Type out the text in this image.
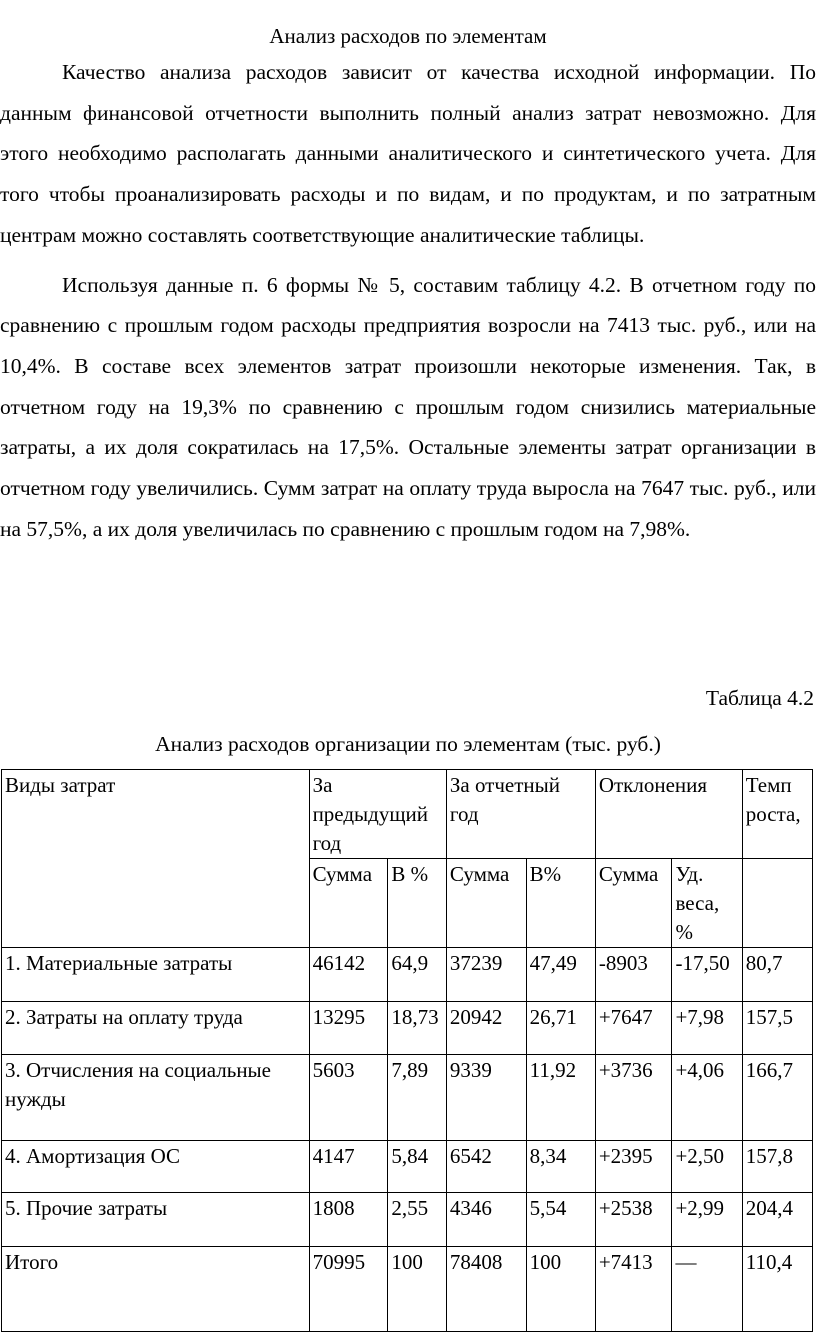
Анализ расходов по элементам

Качество анализа расходов зависит от качества исходной информации. По данным финансовой отчетности выполнить полный анализ затрат невозможно. Для этого необходимо располагать данными аналитического и синтетического учета. Для того чтобы проанализировать расходы и по видам, и по продуктам, и по затратным центрам можно составлять соответствующие аналитические таблицы.

Используя данные п. 6 формы № 5, составим таблицу 4.2. В отчетном году по сравнению с прошлым годом расходы предприятия возросли на 7413 тыс. руб., или на 10,4%. В составе всех элементов затрат произошли некоторые изменения. Так, в отчетном году на 19,3% по сравнению с прошлым годом снизились материальные затраты, а их доля сократилась на 17,5%. Остальные элементы затрат организации в отчетном году увеличились. Сумм затрат на оплату труда выросла на 7647 тыс. руб., или на 57,5%, а их доля увеличилась по сравнению с прошлым годом на 7,98%.

Таблица 4.2
Анализ расходов организации по элементам (тыс. руб.)
Виды затрат	За предыдущий год		За отчетный год		Отклонения		Темп роста,
	Сумма	В %	Сумма	В%	Сумма	Уд. веса, %	
1. Материальные затраты	46142	64,9	37239	47,49	-8903	-17,50	80,7
2. Затраты на оплату труда	13295	18,73	20942	26,71	+7647	+7,98	157,5
3. Отчисления на социальные нужды	5603	7,89	9339	11,92	+3736	+4,06	166,7
4. Амортизация ОС	4147	5,84	6542	8,34	+2395	+2,50	157,8
5. Прочие затраты	1808	2,55	4346	5,54	+2538	+2,99	204,4
Итого	70995	100	78408	100	+7413	—	110,4
